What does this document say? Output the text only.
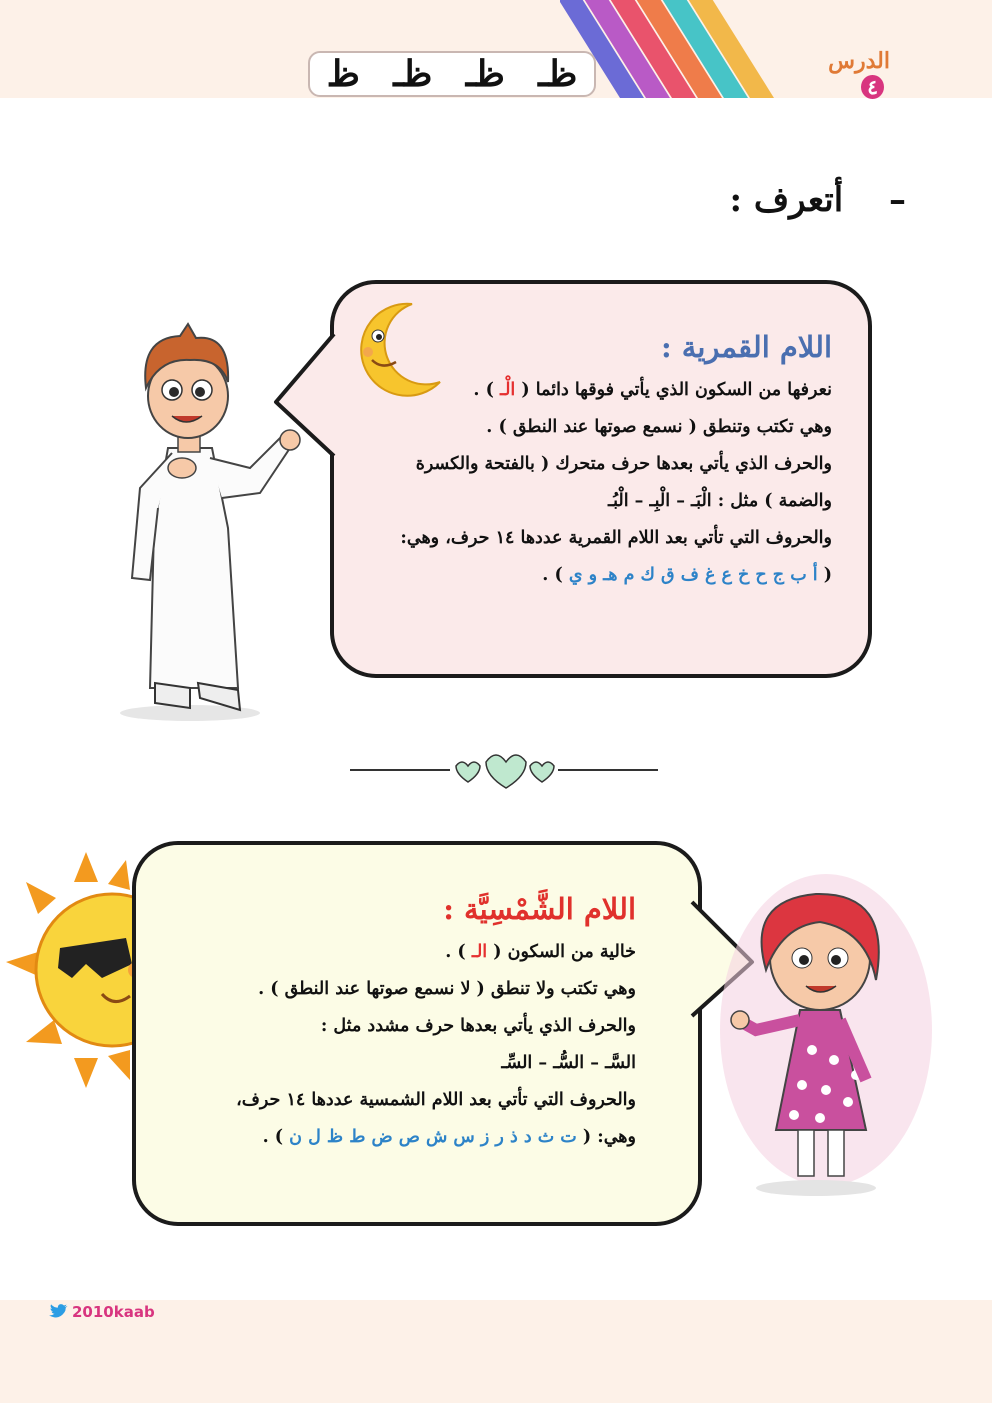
الدرس ٤
ظـ
ظـ
ظـ
ظ
– أتعرف :
اللام القمرية :
نعرفها من السكون الذي يأتي فوقها دائما ( الْـ ) .
وهي تكتب وتنطق ( نسمع صوتها عند النطق ) .
والحرف الذي يأتي بعدها حرف متحرك ( بالفتحة والكسرة
والضمة ) مثل : الْبَـ – الْبِـ – الْبُـ
والحروف التي تأتي بعد اللام القمرية عددها ١٤ حرف، وهي:
( أ ب ج ح خ ع غ ف ق ك م هـ و ي ) .
اللام الشَّمْسِيَّة :
خالية من السكون ( الـ ) .
وهي تكتب ولا تنطق ( لا نسمع صوتها عند النطق ) .
والحرف الذي يأتي بعدها حرف مشدد مثل :
السَّـ – السُّـ – السِّـ
والحروف التي تأتي بعد اللام الشمسية عددها ١٤ حرف،
وهي: ( ت ث د ذ ر ز س ش ص ض ط ظ ل ن ) .
2010kaab
